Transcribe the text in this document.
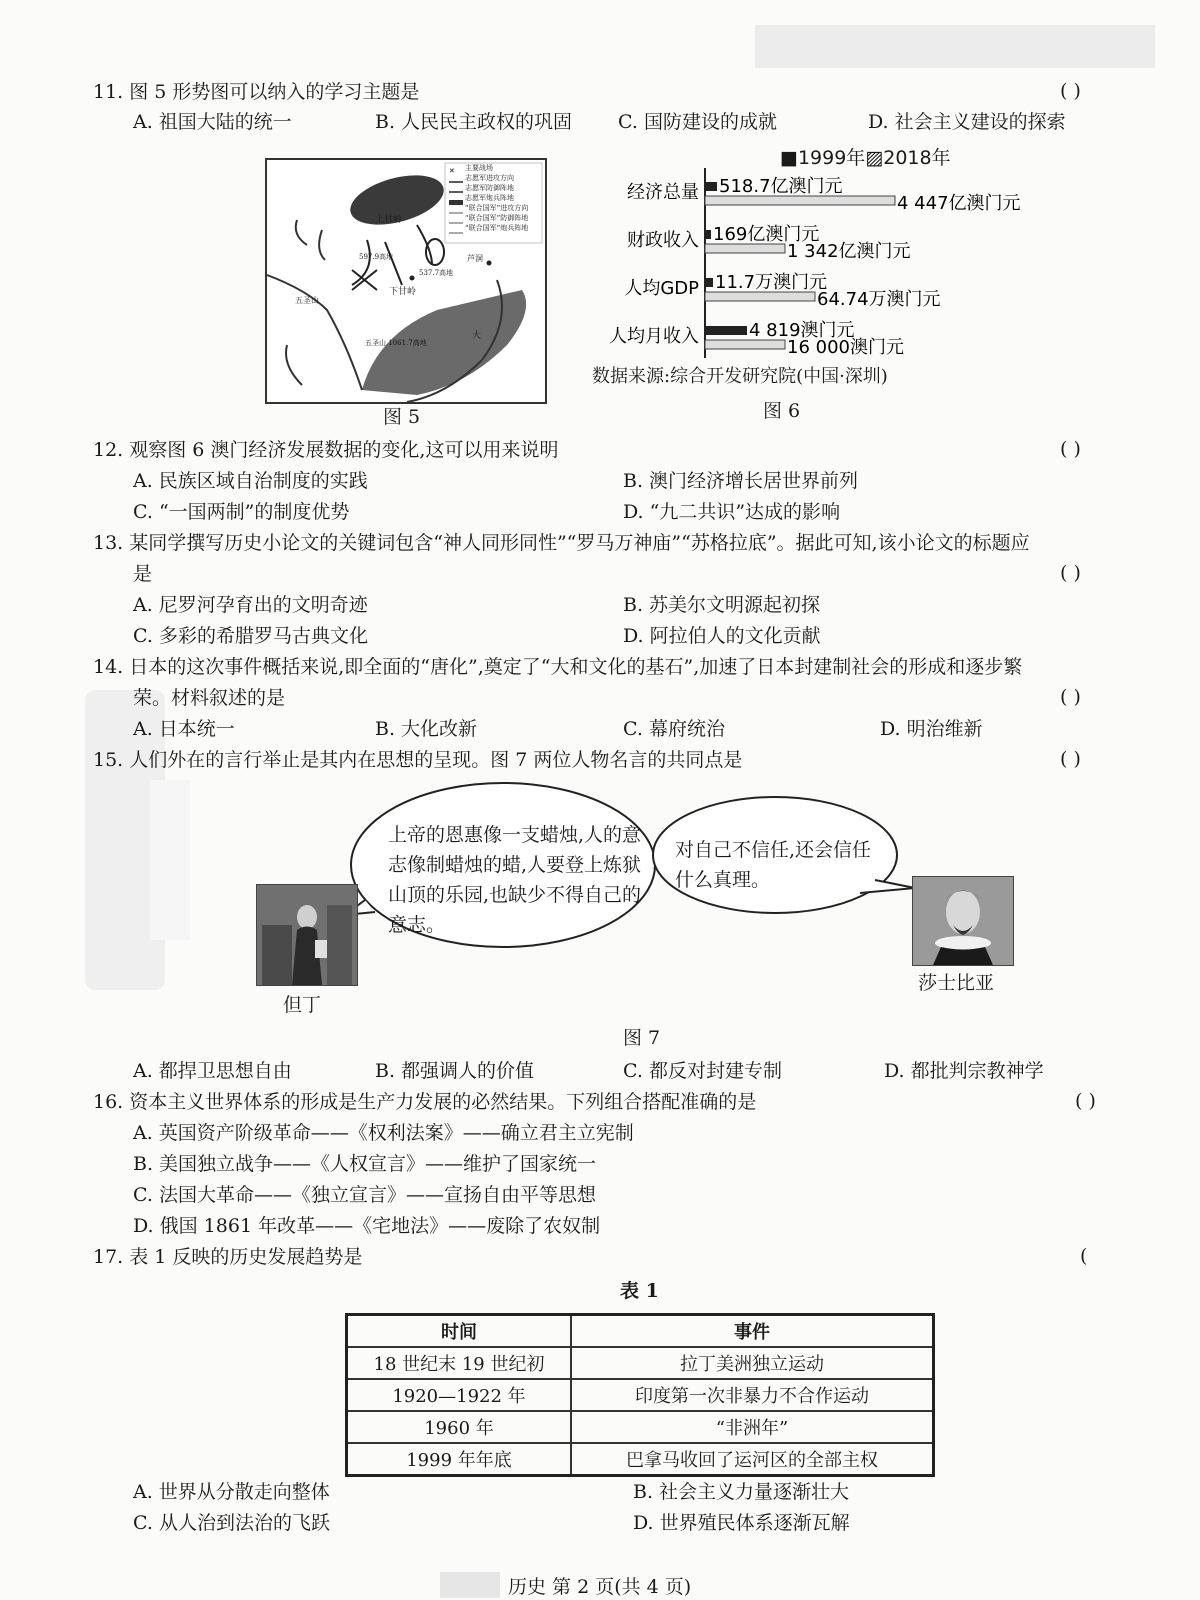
11. 图 5 形势图可以纳入的学习主题是	( )
A. 祖国大陆的统一	B. 人民民主政权的巩固 C. 国防建设的成就	D. 社会主义建设的探索
✕ 主要战场
志愿军进攻方向
志愿军防御阵地
志愿军炮兵阵地
“联合国军”进攻方向
“联合国军”防御阵地
“联合国军”炮兵阵地
上甘岭
537.7高地
597.9高地
下甘岭
五圣山 1061.7高地
芦洞
五圣山
大
图 5
■1999年▨2018年
经济总量 518.7亿澳门元
4 447亿澳门元
财政收入 169亿澳门元
1 342亿澳门元
人均GDP 11.7万澳门元
64.74万澳门元
人均月收入	4 819澳门元
16 000澳门元
数据来源:综合开发研究院(中国·深圳)
图 6
12. 观察图 6 澳门经济发展数据的变化,这可以用来说明	( )
A. 民族区域自治制度的实践	B. 澳门经济增长居世界前列
C. “一国两制”的制度优势	D. “九二共识”达成的影响
13. 某同学撰写历史小论文的关键词包含“神人同形同性”“罗马万神庙”“苏格拉底”。据此可知,该小论文的标题应
是	( )
A. 尼罗河孕育出的文明奇迹	B. 苏美尔文明源起初探
C. 多彩的希腊罗马古典文化	D. 阿拉伯人的文化贡献
14. 日本的这次事件概括来说,即全面的“唐化”,奠定了“大和文化的基石”,加速了日本封建制社会的形成和逐步繁
荣。材料叙述的是	( )
A. 日本统一	B. 大化改新	C. 幕府统治	D. 明治维新
15. 人们外在的言行举止是其内在思想的呈现。图 7 两位人物名言的共同点是	( )
上帝的恩惠像一支蜡烛,人的意志像制蜡烛的蜡,人要登上炼狱山顶的乐园,也缺少不得自己的意志。
对自己不信任,还会信任什么真理。
但丁
莎士比亚
图 7
A. 都捍卫思想自由	B. 都强调人的价值	C. 都反对封建专制	D. 都批判宗教神学
16. 资本主义世界体系的形成是生产力发展的必然结果。下列组合搭配准确的是	( )
A. 英国资产阶级革命——《权利法案》——确立君主立宪制
B. 美国独立战争——《人权宣言》——维护了国家统一
C. 法国大革命——《独立宣言》——宣扬自由平等思想
D. 俄国 1861 年改革——《宅地法》——废除了农奴制
17. 表 1 反映的历史发展趋势是	(
表 1
时间	事件
18 世纪末 19 世纪初	拉丁美洲独立运动
1920—1922 年	印度第一次非暴力不合作运动
1960 年	“非洲年”
1999 年年底	巴拿马收回了运河区的全部主权
A. 世界从分散走向整体	B. 社会主义力量逐渐壮大
C. 从人治到法治的飞跃	D. 世界殖民体系逐渐瓦解
历史 第 2 页(共 4 页)
